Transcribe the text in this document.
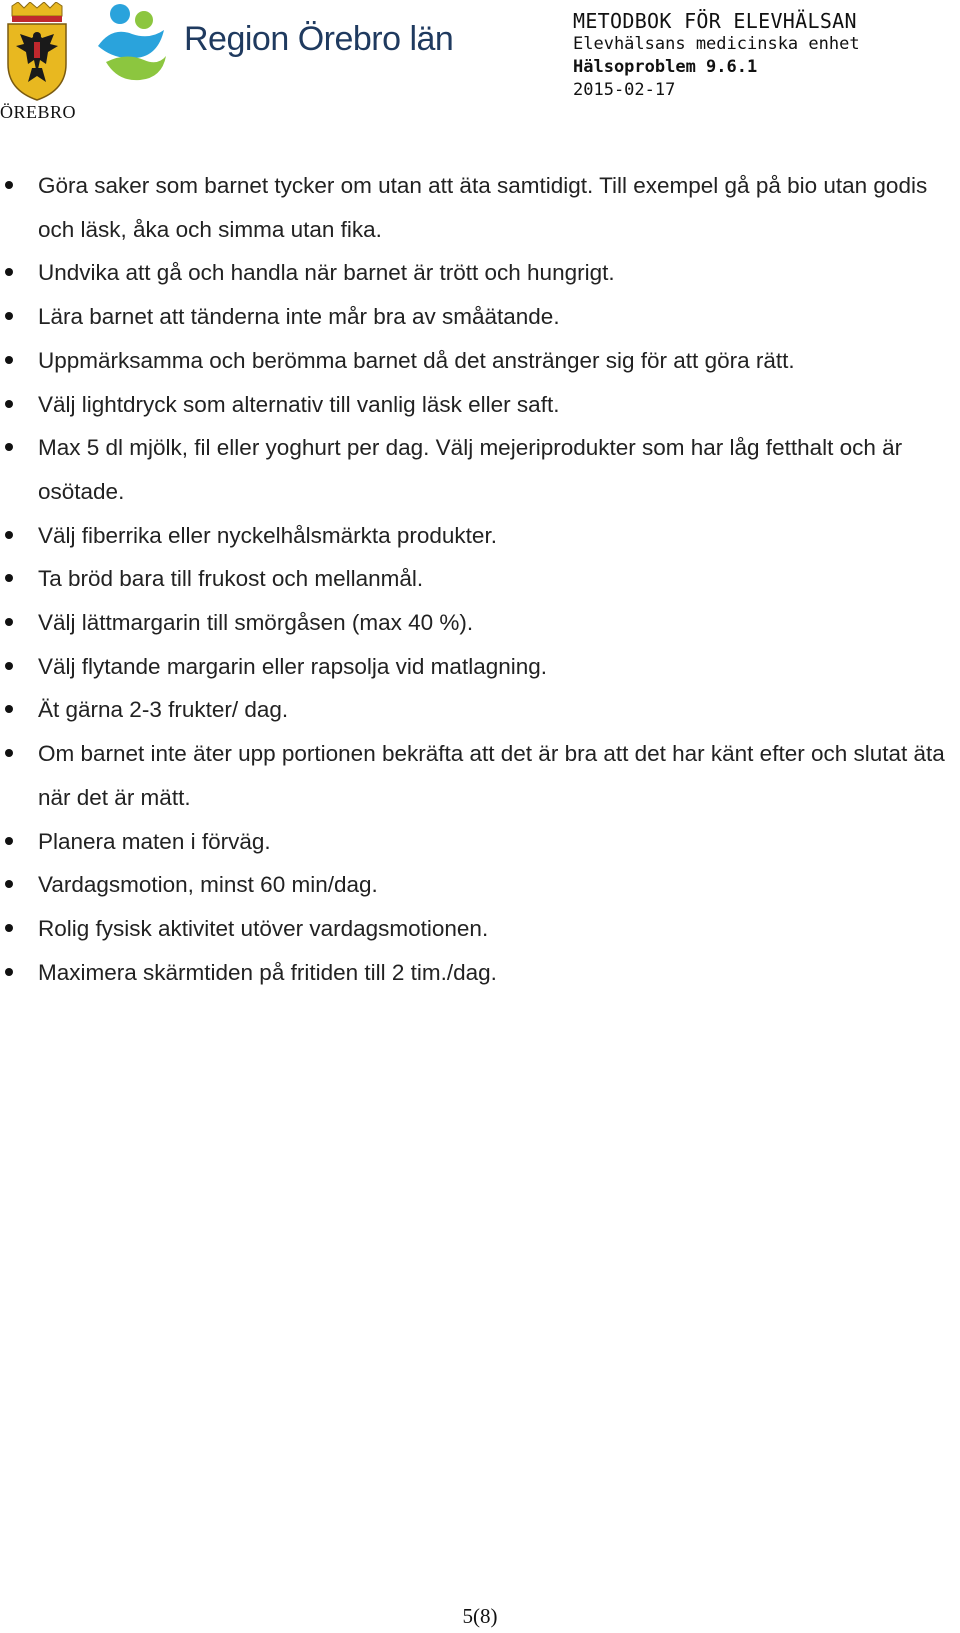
ÖREBRO
Region Örebro län	METODBOK FÖR ELEVHÄLSAN
Elevhälsans medicinska enhet
Hälsoproblem 9.6.1
2015-02-17
Göra saker som barnet tycker om utan att äta samtidigt. Till exempel gå på bio utan godis och läsk, åka och simma utan fika.
Undvika att gå och handla när barnet är trött och hungrigt.
Lära barnet att tänderna inte mår bra av småätande.
Uppmärksamma och berömma barnet då det anstränger sig för att göra rätt.
Välj lightdryck som alternativ till vanlig läsk eller saft.
Max 5 dl mjölk, fil eller yoghurt per dag. Välj mejeriprodukter som har låg fetthalt och är osötade.
Välj fiberrika eller nyckelhålsmärkta produkter.
Ta bröd bara till frukost och mellanmål.
Välj lättmargarin till smörgåsen (max 40 %).
Välj flytande margarin eller rapsolja vid matlagning.
Ät gärna 2-3 frukter/ dag.
Om barnet inte äter upp portionen bekräfta att det är bra att det har känt efter och slutat äta när det är mätt.
Planera maten i förväg.
Vardagsmotion, minst 60 min/dag.
Rolig fysisk aktivitet utöver vardagsmotionen.
Maximera skärmtiden på fritiden till 2 tim./dag.
5(8)
